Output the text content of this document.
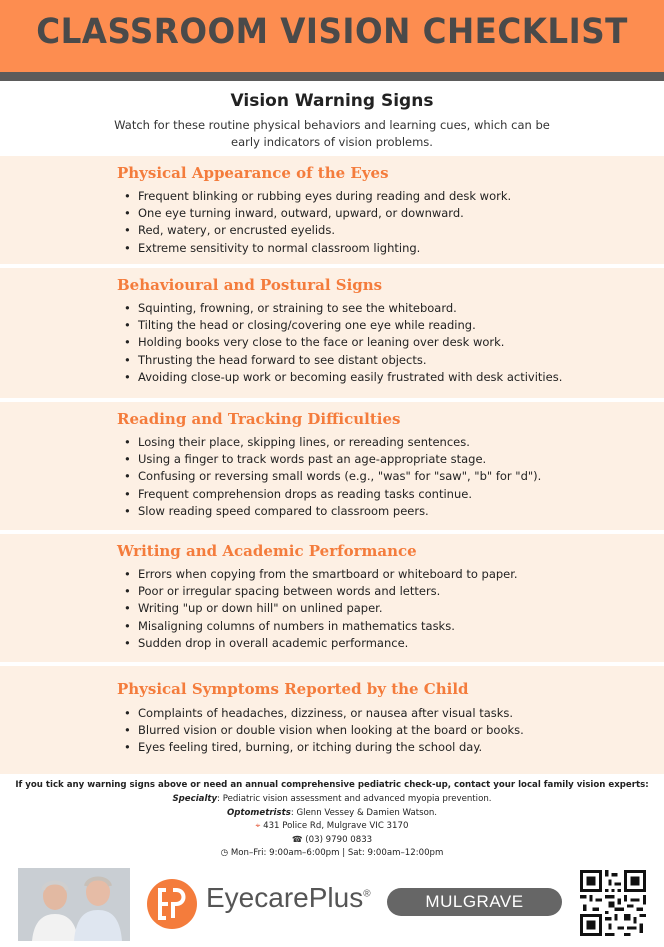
CLASSROOM VISION CHECKLIST
Vision Warning Signs
Watch for these routine physical behaviors and learning cues, which can be early indicators of vision problems.
Physical Appearance of the Eyes
• Frequent blinking or rubbing eyes during reading and desk work.
• One eye turning inward, outward, upward, or downward.
• Red, watery, or encrusted eyelids.
• Extreme sensitivity to normal classroom lighting.
Behavioural and Postural Signs
• Squinting, frowning, or straining to see the whiteboard.
• Tilting the head or closing/covering one eye while reading.
• Holding books very close to the face or leaning over desk work.
• Thrusting the head forward to see distant objects.
• Avoiding close-up work or becoming easily frustrated with desk activities.
Reading and Tracking Difficulties
• Losing their place, skipping lines, or rereading sentences.
• Using a finger to track words past an age-appropriate stage.
• Confusing or reversing small words (e.g., "was" for "saw", "b" for "d").
• Frequent comprehension drops as reading tasks continue.
• Slow reading speed compared to classroom peers.
Writing and Academic Performance
• Errors when copying from the smartboard or whiteboard to paper.
• Poor or irregular spacing between words and letters.
• Writing "up or down hill" on unlined paper.
• Misaligning columns of numbers in mathematics tasks.
• Sudden drop in overall academic performance.
Physical Symptoms Reported by the Child
• Complaints of headaches, dizziness, or nausea after visual tasks.
• Blurred vision or double vision when looking at the board or books.
• Eyes feeling tired, burning, or itching during the school day.
If you tick any warning signs above or need an annual comprehensive pediatric check-up, contact your local family vision experts:
Specialty: Pediatric vision assessment and advanced myopia prevention.
Optometrists: Glenn Vessey & Damien Watson.
⌖ 431 Police Rd, Mulgrave VIC 3170
☎ (03) 9790 0833
◷ Mon–Fri: 9:00am–6:00pm | Sat: 9:00am–12:00pm
EyecarePlus®	MULGRAVE
